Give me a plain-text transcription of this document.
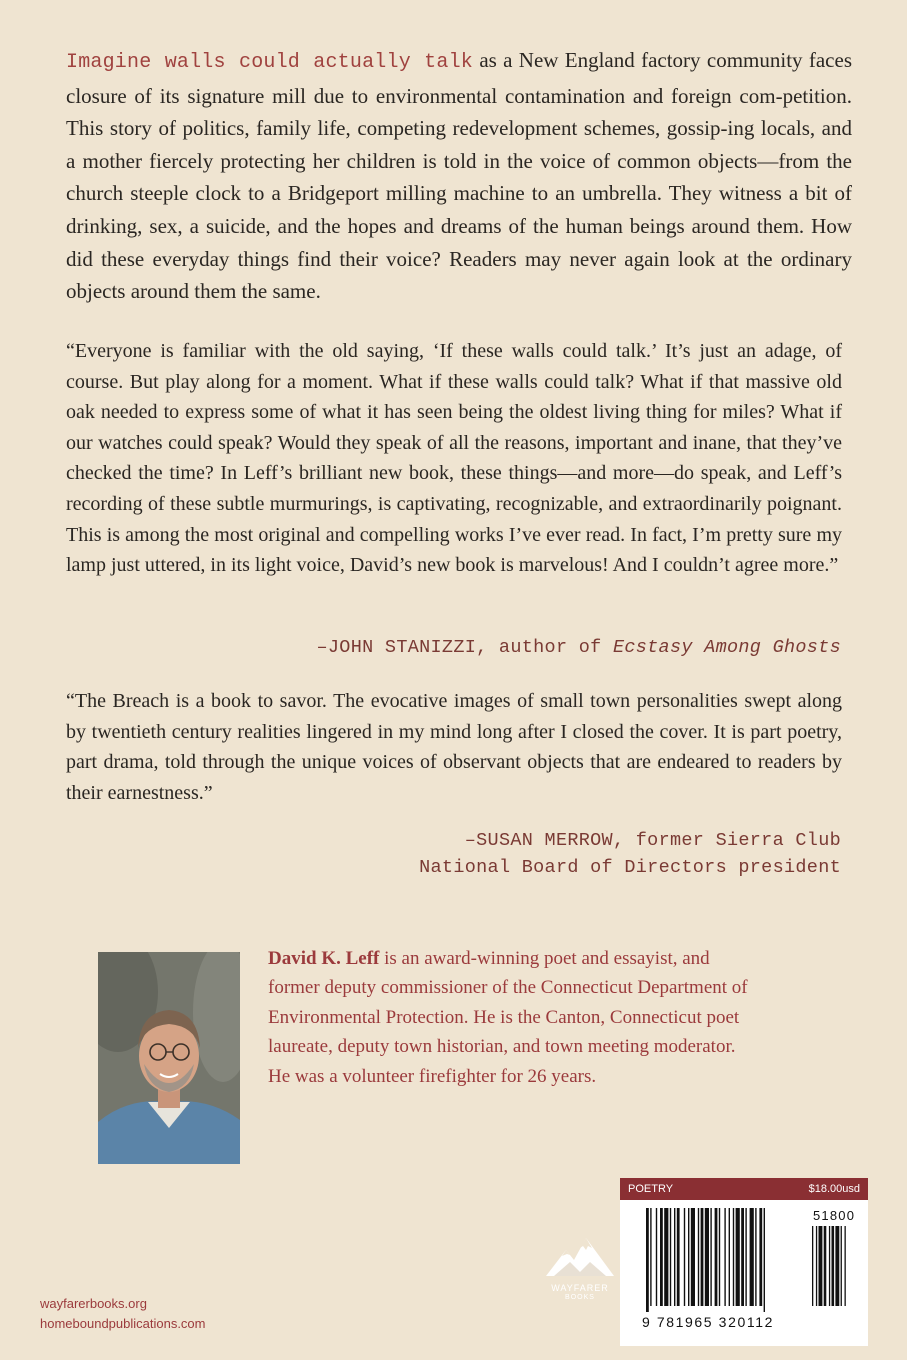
Imagine walls could actually talk as a New England factory community faces closure of its signature mill due to environmental contamination and foreign com-petition. This story of politics, family life, competing redevelopment schemes, gossip-ing locals, and a mother fiercely protecting her children is told in the voice of common objects—from the church steeple clock to a Bridgeport milling machine to an umbrella. They witness a bit of drinking, sex, a suicide, and the hopes and dreams of the human beings around them. How did these everyday things find their voice? Readers may never again look at the ordinary objects around them the same.

“Everyone is familiar with the old saying, ‘If these walls could talk.’ It’s just an adage, of course. But play along for a moment. What if these walls could talk? What if that massive old oak needed to express some of what it has seen being the oldest living thing for miles? What if our watches could speak? Would they speak of all the reasons, important and inane, that they’ve checked the time? In Leff’s brilliant new book, these things—and more—do speak, and Leff’s recording of these subtle murmurings, is captivating, recognizable, and extraordinarily poignant. This is among the most original and compelling works I’ve ever read. In fact, I’m pretty sure my lamp just uttered, in its light voice, David’s new book is marvelous! And I couldn’t agree more.”

–JOHN STANIZZI, author of Ecstasy Among Ghosts

“The Breach is a book to savor. The evocative images of small town personalities swept along by twentieth century realities lingered in my mind long after I closed the cover. It is part poetry, part drama, told through the unique voices of observant objects that are endeared to readers by their earnestness.”

–SUSAN MERROW, former Sierra Club
National Board of Directors president

David K. Leff is an award-winning poet and essayist, and former deputy commissioner of the Connecticut Department of Environmental Protection. He is the Canton, Connecticut poet laureate, deputy town historian, and town meeting moderator. He was a volunteer firefighter for 26 years.

wayfarerbooks.org
homeboundpublications.com
WAYFARER
BOOKS
POETRY	$18.00usd
51800
9 781965 320112
